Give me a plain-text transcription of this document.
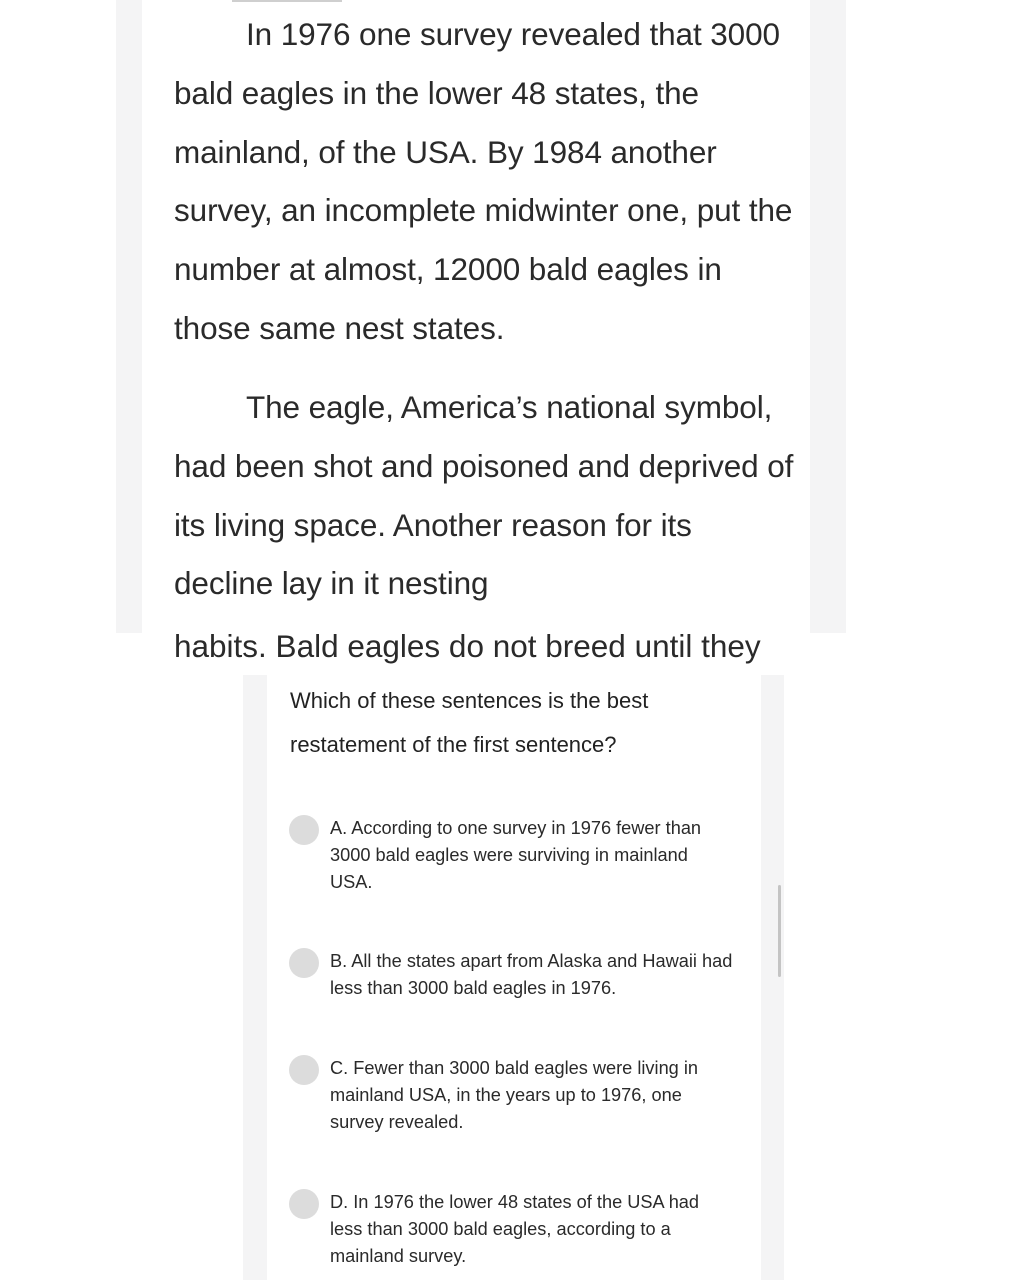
In 1976 one survey revealed that 3000 bald eagles in the lower 48 states, the mainland, of the USA. By 1984 another survey, an incomplete midwinter one, put the number at almost, 12000 bald eagles in those same nest states.

The eagle, America’s national symbol, had been shot and poisoned and deprived of its living space. Another reason for its decline lay in it nesting

habits. Bald eagles do not breed until they

Which of these sentences is the best restatement of the first sentence?

A. According to one survey in 1976 fewer than 3000 bald eagles were surviving in mainland USA.

B. All the states apart from Alaska and Hawaii had less than 3000 bald eagles in 1976.

C. Fewer than 3000 bald eagles were living in mainland USA, in the years up to 1976, one survey revealed.

D. In 1976 the lower 48 states of the USA had less than 3000 bald eagles, according to a mainland survey.
